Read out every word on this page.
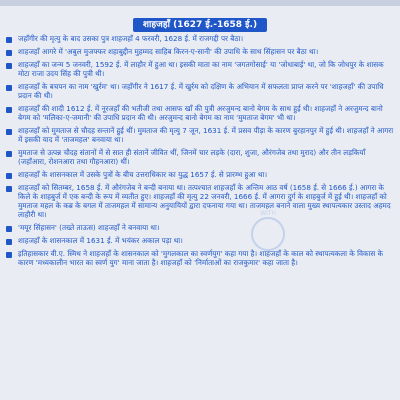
शाहजहाँ (1627 ई.-1658 ई.)
जहाँगीर की मृत्यु के बाद उसका पुत्र शाहजहाँ 4 फरवरी, 1628 ई. में राजगद्दी पर बैठा।
शाहजहाँ आगरे में 'अबुल मुजफ्फर शहाबुद्दीन मुहम्मद साहिब किरन-ए-सानी' की उपाधि के साथ सिंहासन पर बैठा था।
शाहजहाँ का जन्म 5 जनवरी, 1592 ई. में लाहौर में हुआ था। इसकी माता का नाम 'जगतगोसाई' या 'जोधाबाई' था, जो कि जोधपुर के शासक मोटा राजा उदय सिंह की पुत्री थी।
शाहजहाँ के बचपन का नाम 'खुर्रम' था। जहाँगीर ने 1617 ई. में खुर्रम को दक्षिण के अभियान में सफलता प्राप्त करने पर 'शाहजहाँ' की उपाधि प्रदान की थी।
शाहजहाँ की शादी 1612 ई. में नूरजहाँ की भतीजी तथा आसफ खाँ की पुत्री अरजुमन्द बानो बेगम के साथ हुई थी। शाहजहाँ ने अरजुमन्द बानो बेगम को 'मलिका-ए-जमानी' की उपाधि प्रदान की थी। अरजुमन्द बानो बेगम का नाम 'मुमताज बेगम' भी था।
शाहजहाँ को मुमताज से चौदह सन्तानें हुई थीं। मुमताज की मृत्यु 7 जून, 1631 ई. में प्रसव पीड़ा के कारण बुरहानपुर में हुई थी। शाहजहाँ ने आगरा में इसकी याद में 'ताजमहल' बनवाया था।
मुमताज से उत्पन्न चौदह संतानों में से सात ही संतानें जीवित थीं, जिनमें चार लड़के (दारा, शुजा, औरंगजेब तथा मुराद) और तीन लड़कियाँ (जहाँआरा, रोशनआरा तथा गौहनआरा) थीं।
शाहजहाँ के शासनकाल में उसके पुत्रों के बीच उत्तराधिकार का युद्ध 1657 ई. से प्रारम्भ हुआ था।
शाहजहाँ को सितम्बर, 1658 ई. में औरंगजेब ने बन्दी बनाया था। तत्पश्चात शाहजहाँ के अन्तिम आठ वर्ष (1658 ई. से 1666 ई.) आगरा के किले के शाहबुर्ज में एक बन्दी के रूप में व्यतीत हुए। शाहजहाँ की मृत्यु 22 जनवरी, 1666 ई. में आगरा दुर्ग के शाहबुर्ज में हुई थी। शाहजहाँ को मुमताज महल के कब्र के बगल में ताजमहल में सामान्य अनुयायियों द्वारा दफनाया गया था। ताजमहल बनाने वाला मुख्य स्थापत्यकार उस्ताद अहमद लाहौरी था।
'मयूर सिंहासन' (तख्ते ताऊस) शाहजहाँ ने बनवाया था।
शाहजहाँ के शासनकाल में 1631 ई. में भयंकर अकाल पड़ा था।
इतिहासकार वी.ए. स्मिथ ने शाहजहाँ के शासनकाल को 'मुगलकाल का स्वर्णयुग' कहा गया है। शाहजहाँ के काल को स्थापत्यकला के विकास के कारण 'मध्यकालीन भारत का स्वर्ण युग' माना जाता है। शाहजहाँ को 'निर्माताओं का राजकुमार' कहा जाता है।
WITH
